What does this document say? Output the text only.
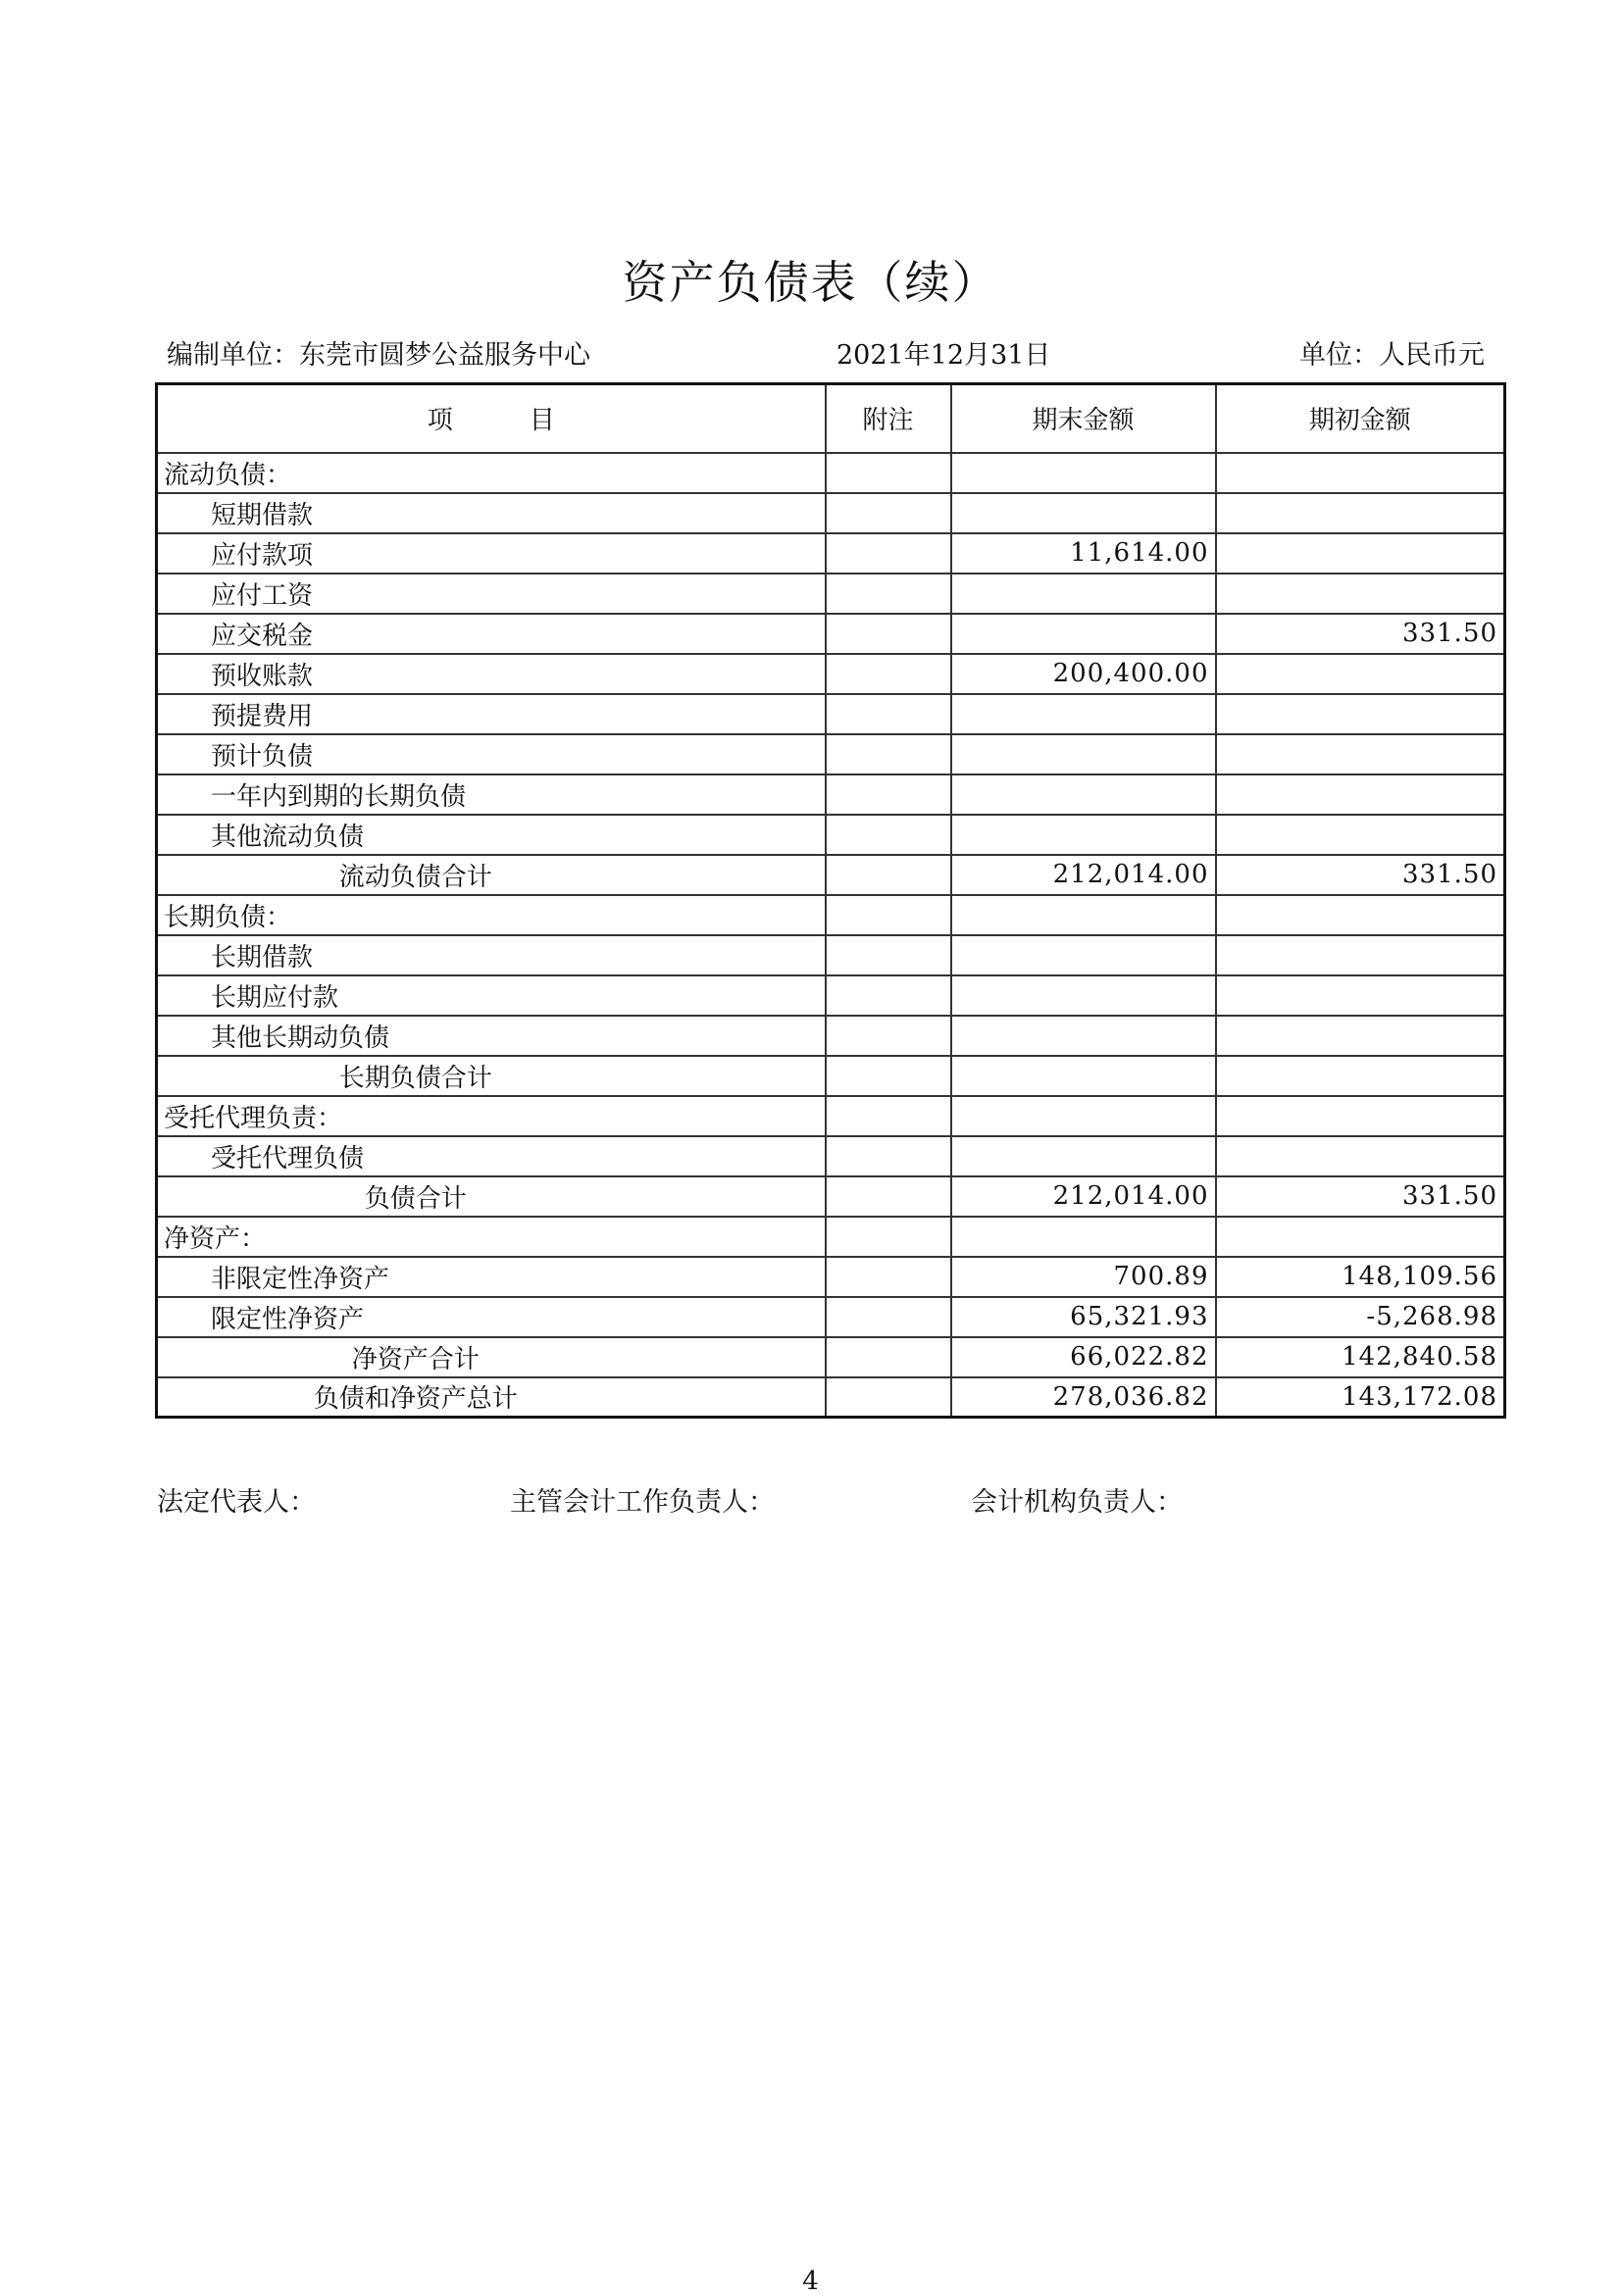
资产负债表（续）
编制单位：东莞市圆梦公益服务中心	2021年12月31日	单位：人民币元
项　　　目	附注	期末金额	期初金额
流动负债：			
短期借款			
应付款项		11,614.00	
应付工资			
应交税金			331.50
预收账款		200,400.00	
预提费用			
预计负债			
一年内到期的长期负债			
其他流动负债			
流动负债合计		212,014.00	331.50
长期负债：			
长期借款			
长期应付款			
其他长期动负债			
长期负债合计			
受托代理负责：			
受托代理负债			
负债合计		212,014.00	331.50
净资产：			
非限定性净资产		700.89	148,109.56
限定性净资产		65,321.93	-5,268.98
净资产合计		66,022.82	142,840.58
负债和净资产总计		278,036.82	143,172.08
法定代表人：	主管会计工作负责人：	会计机构负责人：
4
